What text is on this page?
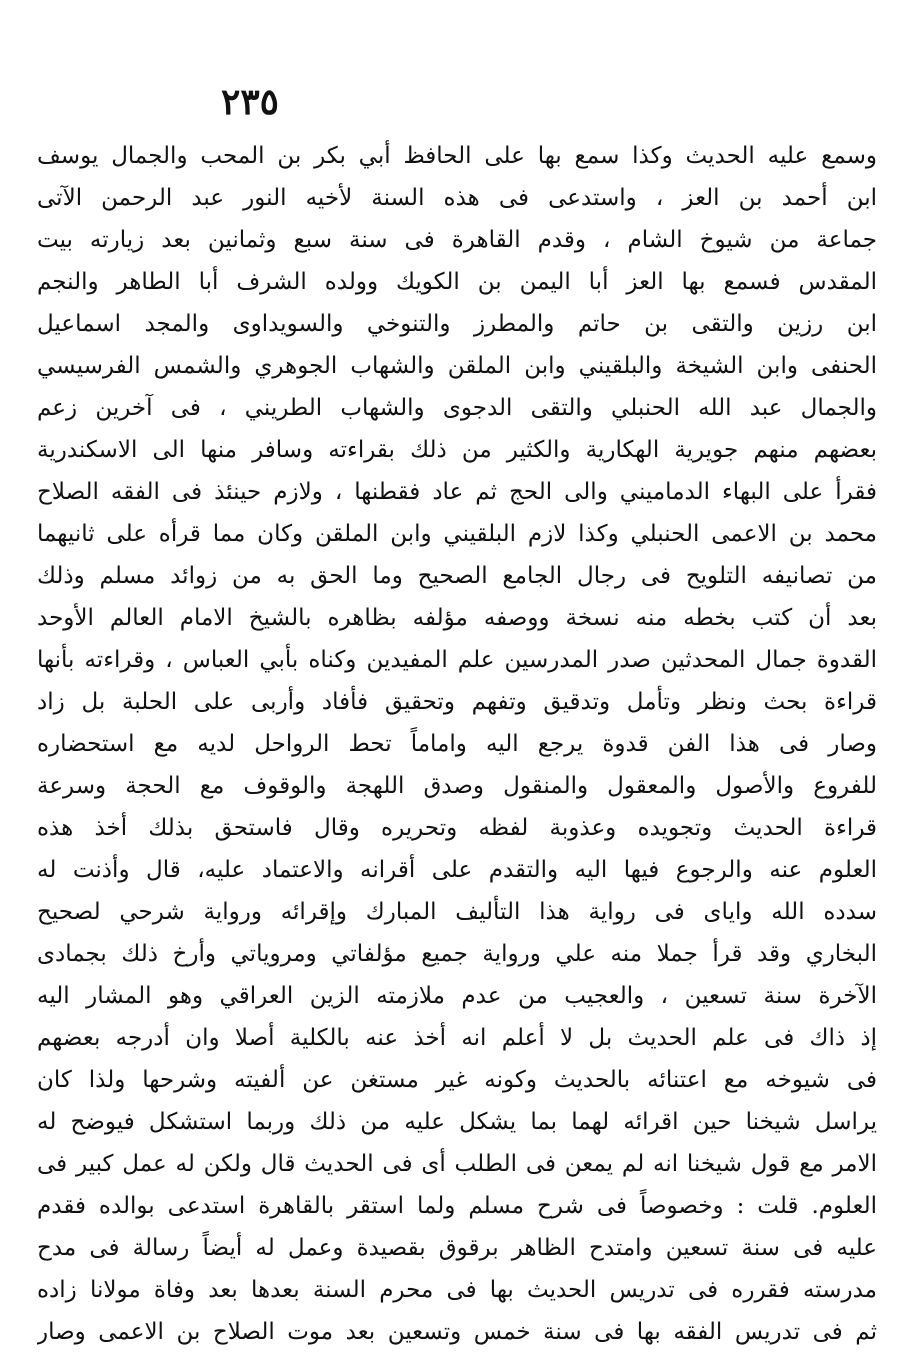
٢٣٥
وسمع عليه الحديث وكذا سمع بها على الحافظ أبي بكر بن المحب والجمال يوسف
ابن أحمد بن العز ، واستدعى فى هذه السنة لأخيه النور عبد الرحمن الآتى
جماعة من شيوخ الشام ، وقدم القاهرة فى سنة سبع وثمانين بعد زيارته بيت
المقدس فسمع بها العز أبا اليمن بن الكويك وولده الشرف أبا الطاهر والنجم
ابن رزين والتقى بن حاتم والمطرز والتنوخي والسويداوى والمجد اسماعيل
الحنفى وابن الشيخة والبلقيني وابن الملقن والشهاب الجوهري والشمس الفرسيسي
والجمال عبد الله الحنبلي والتقى الدجوى والشهاب الطريني ، فى آخرين زعم
بعضهم منهم جويرية الهكارية والكثير من ذلك بقراءته وسافر منها الى الاسكندرية
فقرأ على البهاء الدماميني والى الحج ثم عاد فقطنها ، ولازم حينئذ فى الفقه الصلاح
محمد بن الاعمى الحنبلي وكذا لازم البلقيني وابن الملقن وكان مما قرأه على ثانيهما
من تصانيفه التلويح فى رجال الجامع الصحيح وما الحق به من زوائد مسلم وذلك
بعد أن كتب بخطه منه نسخة ووصفه مؤلفه بظاهره بالشيخ الامام العالم الأوحد
القدوة جمال المحدثين صدر المدرسين علم المفيدين وكناه بأبي العباس ، وقراءته بأنها
قراءة بحث ونظر وتأمل وتدقيق وتفهم وتحقيق فأفاد وأربى على الحلبة بل زاد
وصار فى هذا الفن قدوة يرجع اليه واماماً تحط الرواحل لديه مع استحضاره
للفروع والأصول والمعقول والمنقول وصدق اللهجة والوقوف مع الحجة وسرعة
قراءة الحديث وتجويده وعذوبة لفظه وتحريره وقال فاستحق بذلك أخذ هذه
العلوم عنه والرجوع فيها اليه والتقدم على أقرانه والاعتماد عليه، قال وأذنت له
سدده الله واياى فى رواية هذا التأليف المبارك وإقرائه ورواية شرحي لصحيح
البخاري وقد قرأ جملا منه علي ورواية جميع مؤلفاتي ومروياتي وأرخ ذلك بجمادى
الآخرة سنة تسعين ، والعجيب من عدم ملازمته الزين العراقي وهو المشار اليه
إذ ذاك فى علم الحديث بل لا أعلم انه أخذ عنه بالكلية أصلا وان أدرجه بعضهم
فى شيوخه مع اعتنائه بالحديث وكونه غير مستغن عن ألفيته وشرحها ولذا كان
يراسل شيخنا حين اقرائه لهما بما يشكل عليه من ذلك وربما استشكل فيوضح له
الامر مع قول شيخنا انه لم يمعن فى الطلب أى فى الحديث قال ولكن له عمل كبير فى
العلوم. قلت : وخصوصاً فى شرح مسلم ولما استقر بالقاهرة استدعى بوالده فقدم
عليه فى سنة تسعين وامتدح الظاهر برقوق بقصيدة وعمل له أيضاً رسالة فى مدح
مدرسته فقرره فى تدريس الحديث بها فى محرم السنة بعدها بعد وفاة مولانا زاده
ثم فى تدريس الفقه بها فى سنة خمس وتسعين بعد موت الصلاح بن الاعمى وصار
